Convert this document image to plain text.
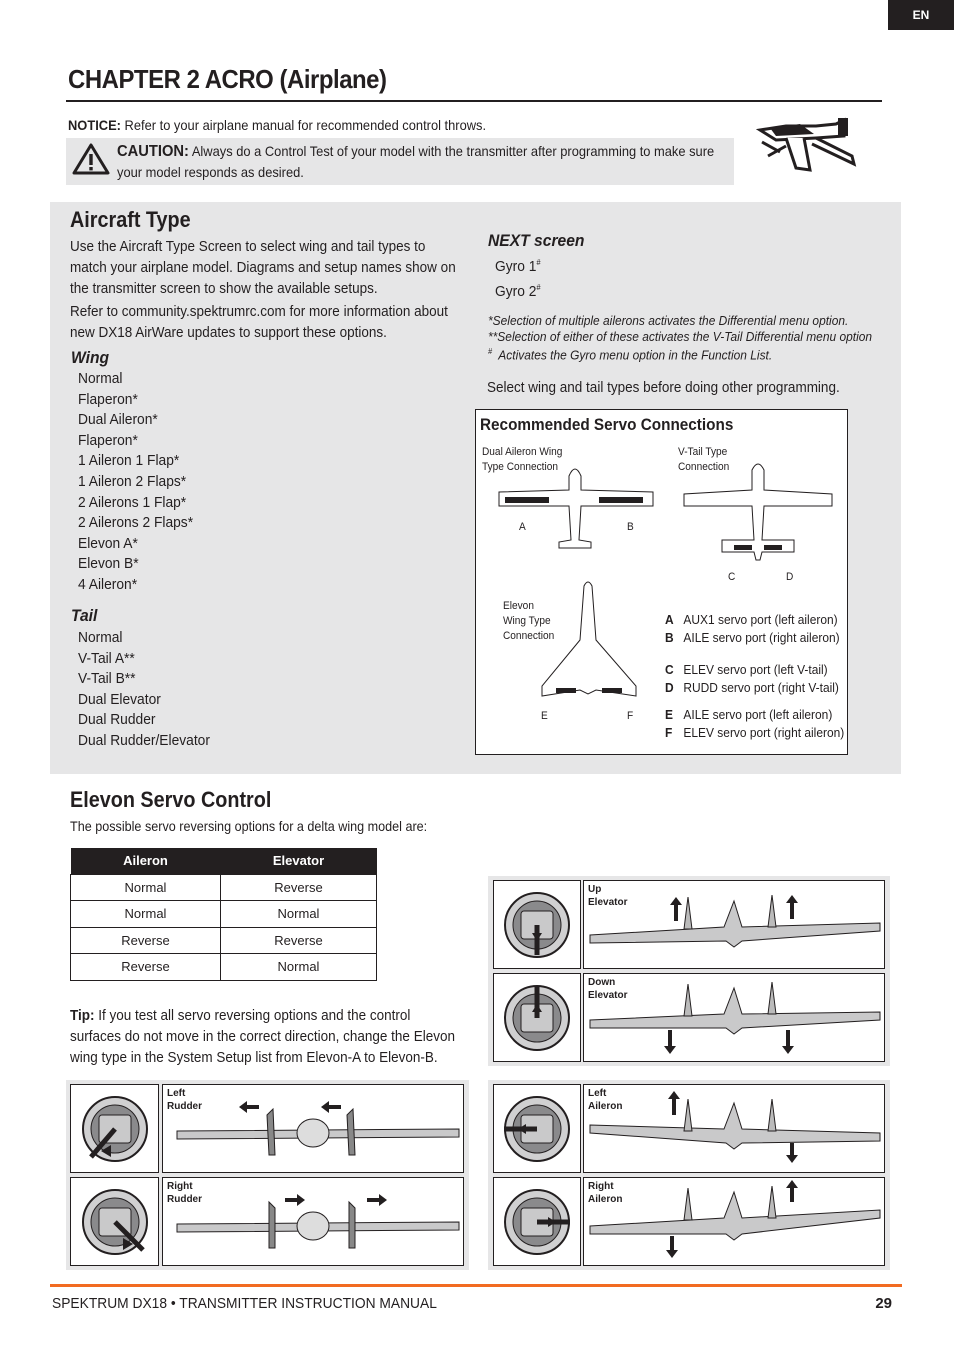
EN
CHAPTER 2 ACRO (Airplane)
NOTICE: Refer to your airplane manual for recommended control throws.
CAUTION: Always do a Control Test of your model with the transmitter after programming to make sure your model responds as desired.
Aircraft Type
Use the Aircraft Type Screen to select wing and tail types to match your airplane model. Diagrams and setup names show on the transmitter screen to show the available setups.
Refer to community.spektrumrc.com for more information about new DX18 AirWare updates to support these options.
Wing
Normal
Flaperon*
Dual Aileron*
Flaperon*
1 Aileron 1 Flap*
1 Aileron 2 Flaps*
2 Ailerons 1 Flap*
2 Ailerons 2 Flaps*
Elevon A*
Elevon B*
4 Aileron*
Tail
Normal
V-Tail A**
V-Tail B**
Dual Elevator
Dual Rudder
Dual Rudder/Elevator
NEXT screen
Gyro 1#
Gyro 2#
*Selection of multiple ailerons activates the Differential menu option.
**Selection of either of these activates the V-Tail Differential menu option
# Activates the Gyro menu option in the Function List.
Select wing and tail types before doing other programming.
Recommended Servo Connections
Dual Aileron Wing
Type Connection
A	B
V-Tail Type
Connection
C	D
Elevon
Wing Type
Connection
E	F
A AUX1 servo port (left aileron)
B AILE servo port (right aileron)
C ELEV servo port (left V-tail)
D RUDD servo port (right V-tail)
E AILE servo port (left aileron)
F ELEV servo port (right aileron)
Elevon Servo Control
The possible servo reversing options for a delta wing model are:
Aileron	Elevator
Normal	Reverse
Normal	Normal
Reverse	Reverse
Reverse	Normal
Tip: If you test all servo reversing options and the control surfaces do not move in the correct direction, change the Elevon wing type in the System Setup list from Elevon-A to Elevon-B.
Up
Elevator
Down
Elevator
Left
Rudder
Right
Rudder
Left
Aileron
Right
Aileron
SPEKTRUM DX18 • TRANSMITTER INSTRUCTION MANUAL	29
